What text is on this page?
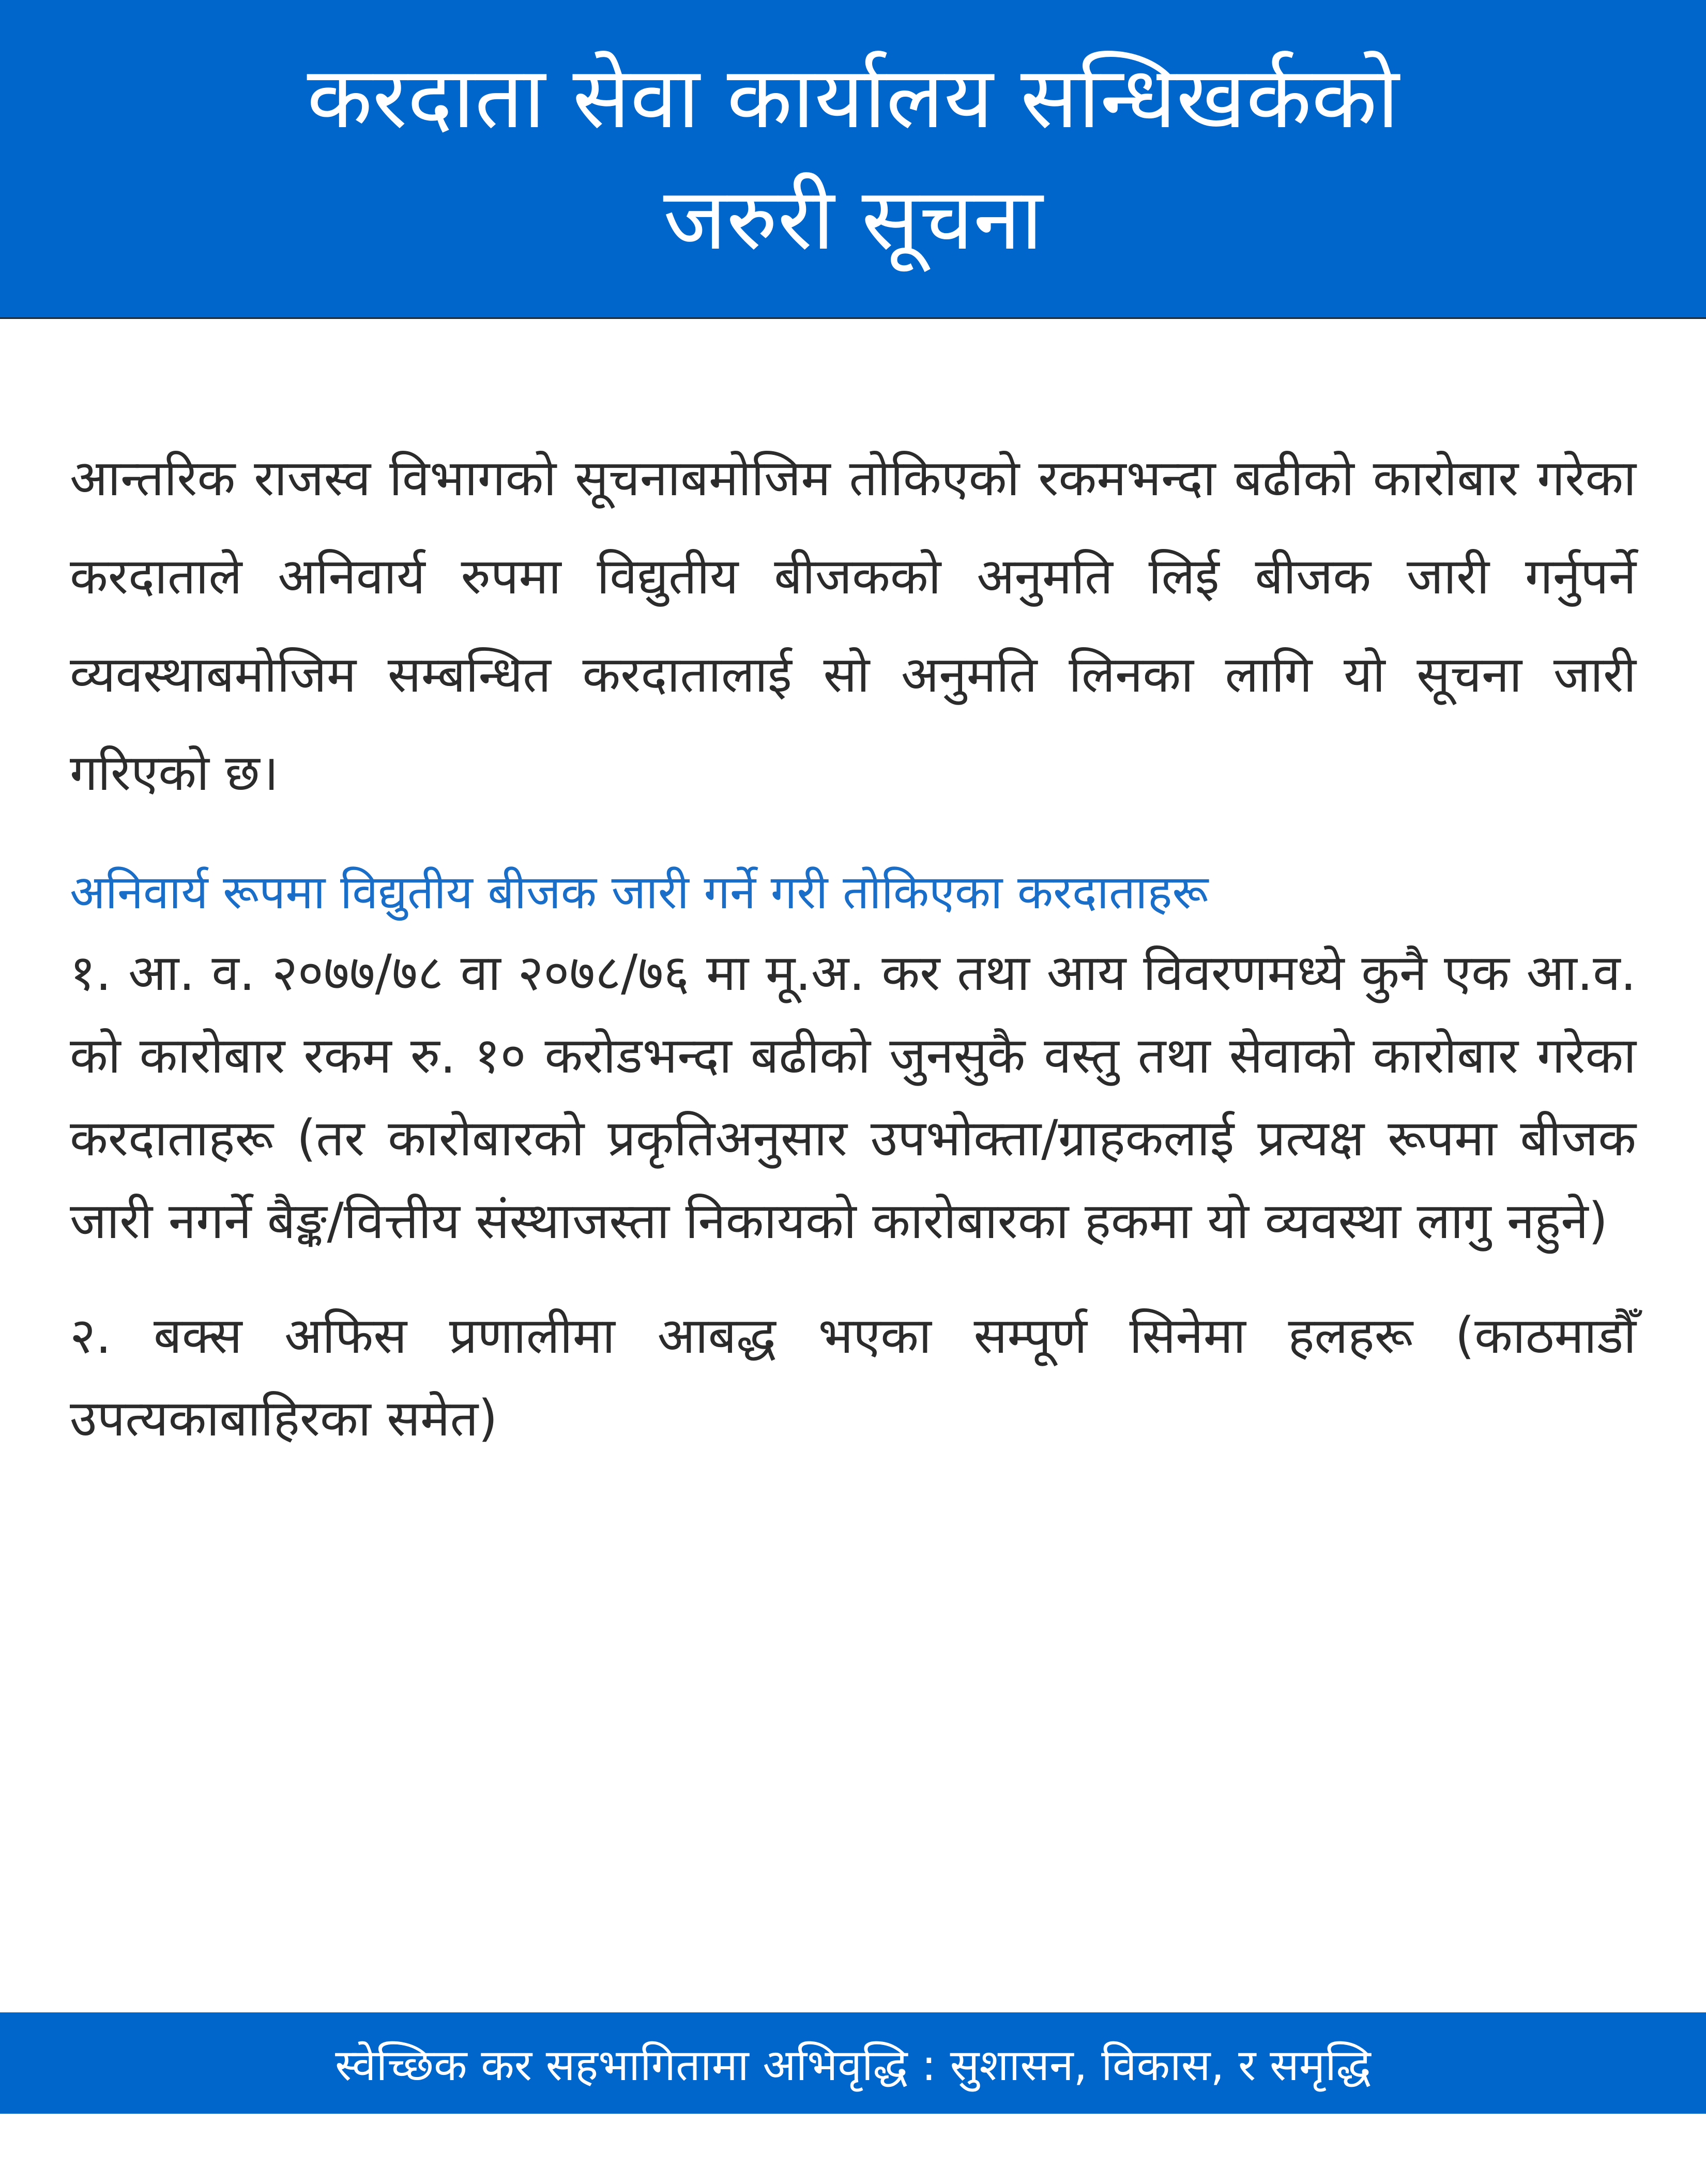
करदाता सेवा कार्यालय सन्धिखर्कको
जरुरी सूचना

आन्तरिक राजस्व विभागको सूचनाबमोजिम तोकिएको रकमभन्दा बढीको कारोबार गरेका करदाताले अनिवार्य रुपमा विद्युतीय बीजकको अनुमति लिई बीजक जारी गर्नुपर्ने व्यवस्थाबमोजिम सम्बन्धित करदातालाई सो अनुमति लिनका लागि यो सूचना जारी गरिएको छ।

अनिवार्य रूपमा विद्युतीय बीजक जारी गर्ने गरी तोकिएका करदाताहरू

१. आ. व. २०७७/७८ वा २०७८/७६ मा मू.अ. कर तथा आय विवरणमध्ये कुनै एक आ.व. को कारोबार रकम रु. १० करोडभन्दा बढीको जुनसुकै वस्तु तथा सेवाको कारोबार गरेका करदाताहरू (तर कारोबारको प्रकृतिअनुसार उपभोक्ता/ग्राहकलाई प्रत्यक्ष रूपमा बीजक जारी नगर्ने बैङ्क/वित्तीय संस्थाजस्ता निकायको कारोबारका हकमा यो व्यवस्था लागु नहुने)

२. बक्स अफिस प्रणालीमा आबद्ध भएका सम्पूर्ण सिनेमा हलहरू (काठमाडौँ उपत्यकाबाहिरका समेत)

स्वेच्छिक कर सहभागितामा अभिवृद्धि : सुशासन, विकास, र समृद्धि
